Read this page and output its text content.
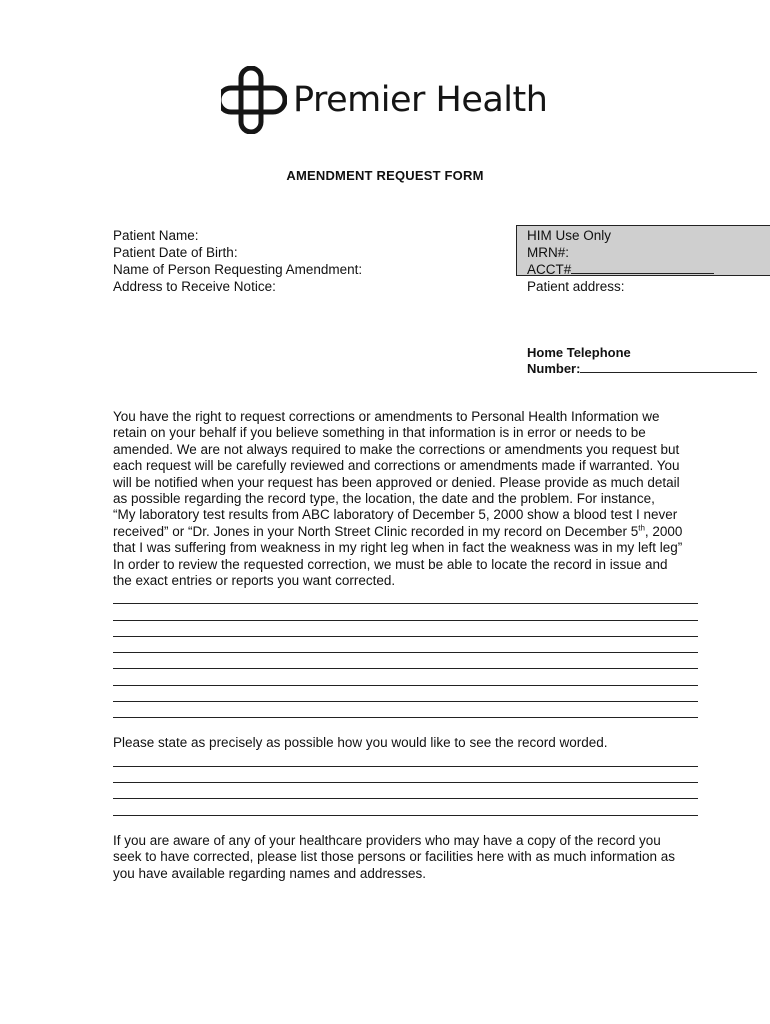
Premier Health
AMENDMENT REQUEST FORM
Patient Name:
Patient Date of Birth:
Name of Person Requesting Amendment:
Address to Receive Notice:
HIM Use Only
MRN#:
ACCT#
Patient address:
Home Telephone
Number:
You have the right to request corrections or amendments to Personal Health Information we
retain on your behalf if you believe something in that information is in error or needs to be
amended. We are not always required to make the corrections or amendments you request but
each request will be carefully reviewed and corrections or amendments made if warranted. You
will be notified when your request has been approved or denied. Please provide as much detail
as possible regarding the record type, the location, the date and the problem. For instance,
“My laboratory test results from ABC laboratory of December 5, 2000 show a blood test I never
received” or “Dr. Jones in your North Street Clinic recorded in my record on December 5th, 2000
that I was suffering from weakness in my right leg when in fact the weakness was in my left leg”
In order to review the requested correction, we must be able to locate the record in issue and
the exact entries or reports you want corrected.
Please state as precisely as possible how you would like to see the record worded.
If you are aware of any of your healthcare providers who may have a copy of the record you
seek to have corrected, please list those persons or facilities here with as much information as
you have available regarding names and addresses.
